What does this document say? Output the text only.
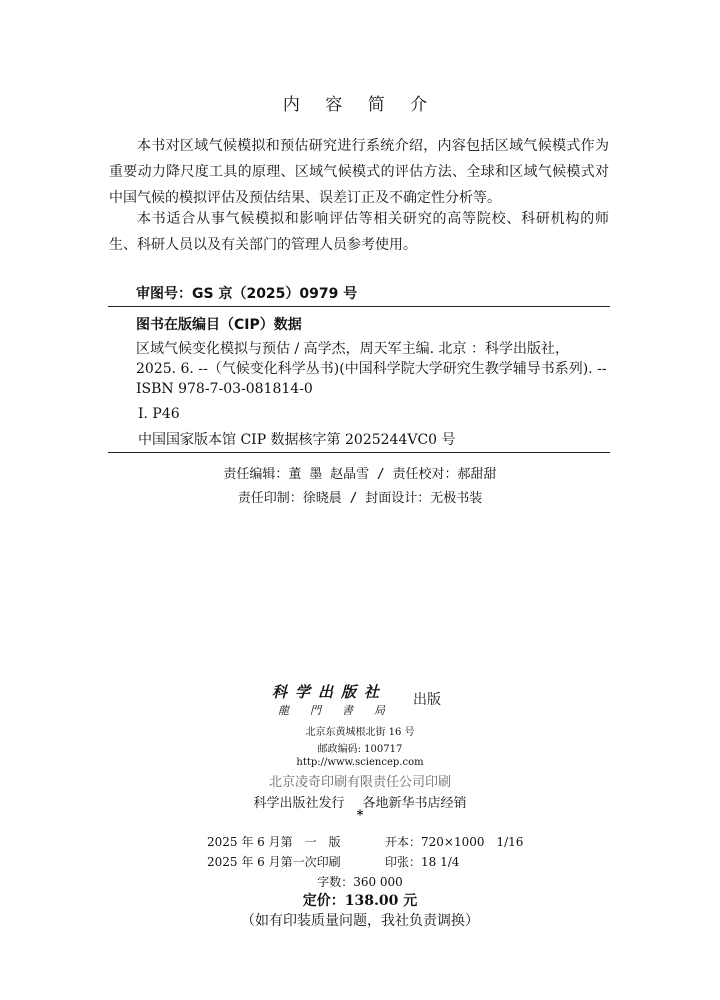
内 容 简 介

本书对区域气候模拟和预估研究进行系统介绍，内容包括区域气候模式作为重要动力降尺度工具的原理、区域气候模式的评估方法、全球和区域气候模式对中国气候的模拟评估及预估结果、误差订正及不确定性分析等。

本书适合从事气候模拟和影响评估等相关研究的高等院校、科研机构的师生、科研人员以及有关部门的管理人员参考使用。

审图号：GS 京（2025）0979 号
图书在版编目（CIP）数据

区域气候变化模拟与预估 / 高学杰，周天军主编. 北京 ：科学出版社，2025. 6. --（气候变化科学丛书)(中国科学院大学研究生教学辅导书系列). -- ISBN 978-7-03-081814-0

Ⅰ. P46
中国国家版本馆 CIP 数据核字第 2025244VC0 号
责任编辑：董 墨 赵晶雪 / 责任校对：郝甜甜
责任印制：徐晓晨 / 封面设计：无极书装
科学出版社
龍門書局
出版
北京东黄城根北街 16 号
邮政编码: 100717
http://www.sciencep.com
北京凌奇印刷有限责任公司印刷
科学出版社发行 各地新华书店经销
*
2025 年 6 月第　一　版	开本：720×1000　1/16
2025 年 6 月第一次印刷	印张：18 1/4
字数：360 000
定价：138.00 元
（如有印装质量问题，我社负责调换）
